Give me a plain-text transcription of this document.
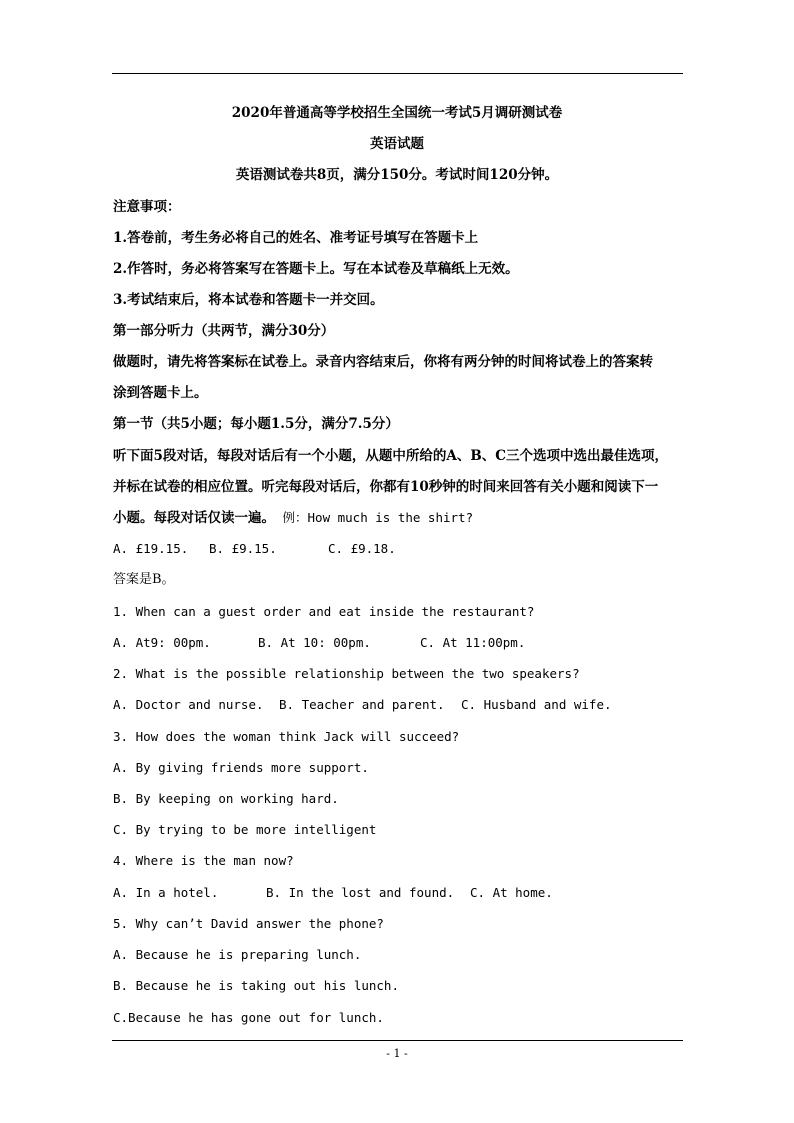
2020年普通高等学校招生全国统一考试5月调研测试卷
英语试题
英语测试卷共8页，满分150分。考试时间120分钟。
注意事项：
1.答卷前，考生务必将自己的姓名、准考证号填写在答题卡上
2.作答时，务必将答案写在答题卡上。写在本试卷及草稿纸上无效。
3.考试结束后，将本试卷和答题卡一并交回。
第一部分听力（共两节，满分30分）
做题时，请先将答案标在试卷上。录音内容结束后，你将有两分钟的时间将试卷上的答案转
涂到答题卡上。
第一节（共5小题；每小题1.5分，满分7.5分）
听下面5段对话，每段对话后有一个小题，从题中所给的A、B、C三个选项中选出最佳选项，
并标在试卷的相应位置。听完每段对话后，你都有10秒钟的时间来回答有关小题和阅读下一
小题。每段对话仅读一遍。 例：How much is the shirt?
A. £19.15. B. £9.15.	C. £9.18.
答案是B。
1. When can a guest order and eat inside the restaurant?
A. At9: 00pm.	B. At 10: 00pm.	C. At 11:00pm.
2. What is the possible relationship between the two speakers?
A. Doctor and nurse. B. Teacher and parent. C. Husband and wife.
3. How does the woman think Jack will succeed?
A. By giving friends more support.
B. By keeping on working hard.
C. By trying to be more intelligent
4. Where is the man now?
A. In a hotel.	B. In the lost and found. C. At home.
5. Why can’t David answer the phone?
A. Because he is preparing lunch.
B. Because he is taking out his lunch.
C.Because he has gone out for lunch.
- 1 -
